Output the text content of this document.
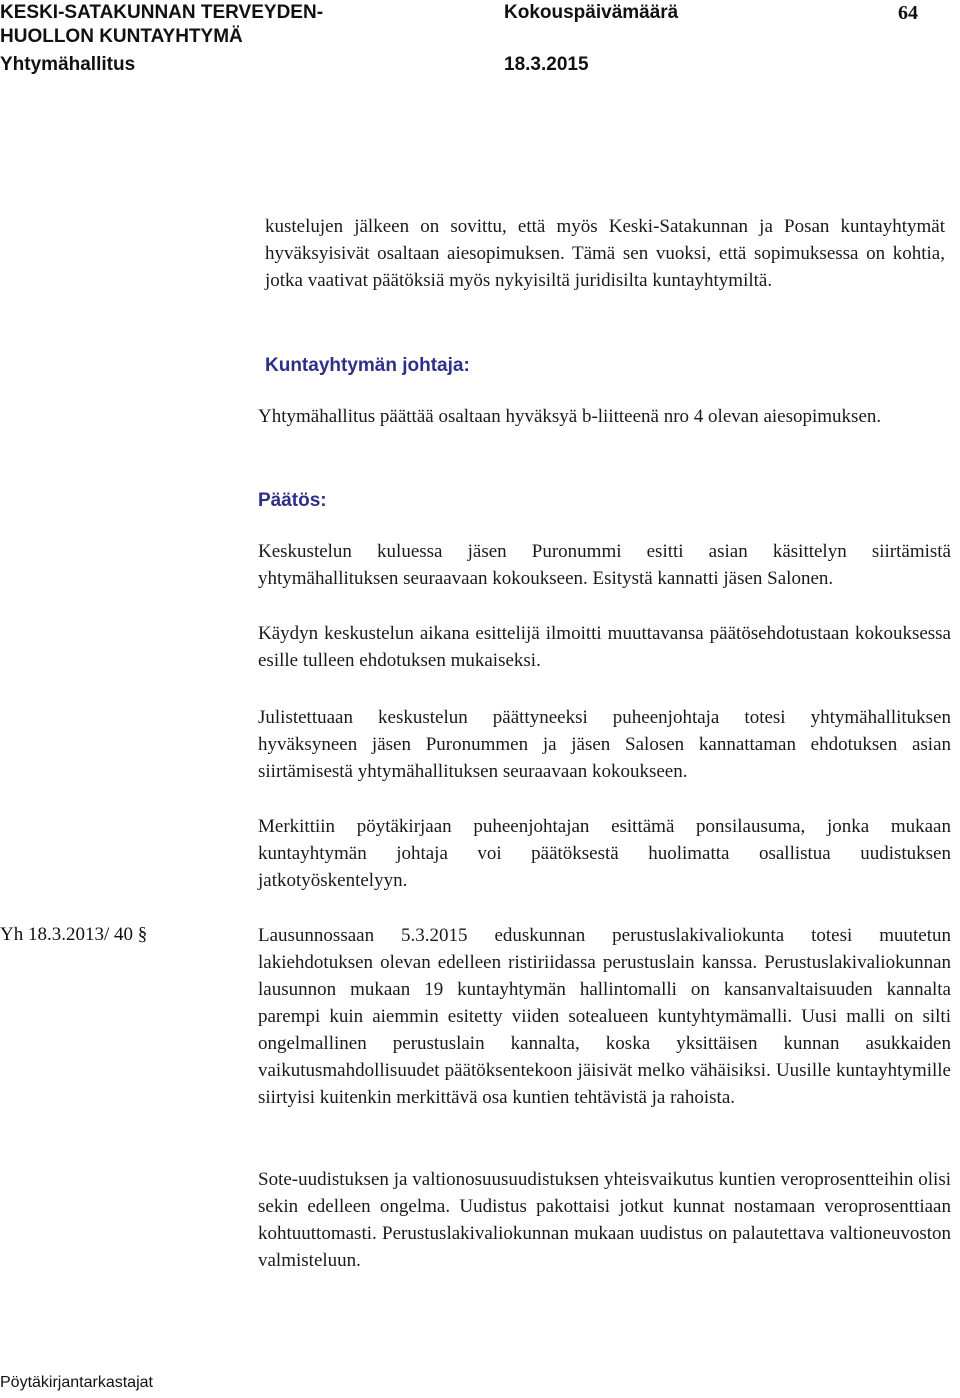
KESKI-SATAKUNNAN TERVEYDEN-
HUOLLON KUNTAYHTYMÄ
Yhtymähallitus
Kokouspäivämäärä
18.3.2015
64
kustelujen jälkeen on sovittu, että myös Keski-Satakunnan ja Posan kuntayhtymät hyväksyisivät osaltaan aiesopimuksen. Tämä sen vuoksi, että sopimuksessa on kohtia, jotka vaativat päätöksiä myös nykyisiltä juridisilta kuntayhtymiltä.
Kuntayhtymän johtaja:
Yhtymähallitus päättää osaltaan hyväksyä b-liitteenä nro 4 olevan aiesopimuksen.
Päätös:
Keskustelun kuluessa jäsen Puronummi esitti asian käsittelyn siirtämistä yhtymähallituksen seuraavaan kokoukseen. Esitystä kannatti jäsen Salonen.
Käydyn keskustelun aikana esittelijä ilmoitti muuttavansa päätösehdotustaan kokouksessa esille tulleen ehdotuksen mukaiseksi.
Julistettuaan keskustelun päättyneeksi puheenjohtaja totesi yhtymähallituksen hyväksyneen jäsen Puronummen ja jäsen Salosen kannattaman ehdotuksen asian siirtämisestä yhtymähallituksen seuraavaan kokoukseen.
Merkittiin pöytäkirjaan puheenjohtajan esittämä ponsilausuma, jonka mukaan kuntayhtymän johtaja voi päätöksestä huolimatta osallistua uudistuksen jatkotyöskentelyyn.
Yh 18.3.2013/ 40 §	Lausunnossaan 5.3.2015 eduskunnan perustuslakivaliokunta totesi muutetun lakiehdotuksen olevan edelleen ristiriidassa perustuslain kanssa. Perustuslakivaliokunnan lausunnon mukaan 19 kuntayhtymän hallintomalli on kansanvaltaisuuden kannalta parempi kuin aiemmin esitetty viiden sotealueen kuntyhtymämalli. Uusi malli on silti ongelmallinen perustuslain kannalta, koska yksittäisen kunnan asukkaiden vaikutusmahdollisuudet päätöksentekoon jäisivät melko vähäisiksi. Uusille kuntayhtymille siirtyisi kuitenkin merkittävä osa kuntien tehtävistä ja rahoista.
Sote-uudistuksen ja valtionosuusuudistuksen yhteisvaikutus kuntien veroprosentteihin olisi sekin edelleen ongelma. Uudistus pakottaisi jotkut kunnat nostamaan veroprosenttiaan kohtuuttomasti. Perustuslakivaliokunnan mukaan uudistus on palautettava valtioneuvoston valmisteluun.
Pöytäkirjantarkastajat
